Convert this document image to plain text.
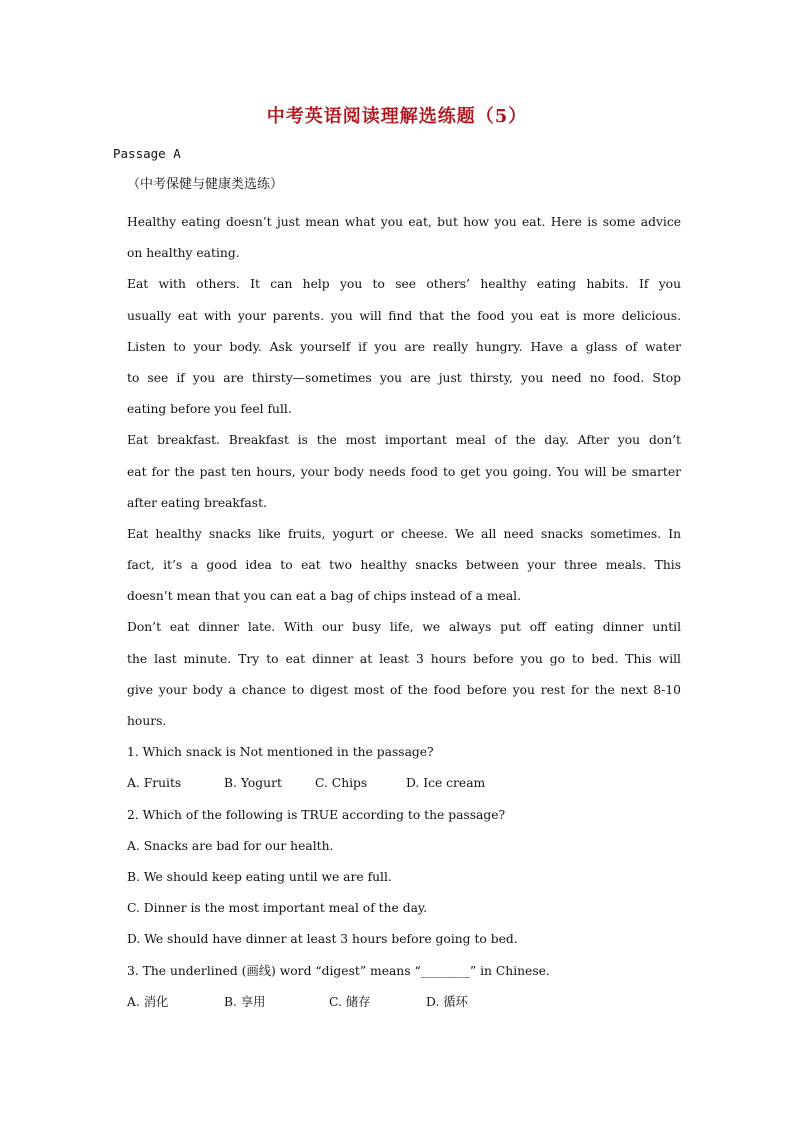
中考英语阅读理解选练题（5）
Passage A
（中考保健与健康类选练）
Healthy eating doesn’t just mean what you eat, but how you eat. Here is some advice
on healthy eating.
Eat with others. It can help you to see others’ healthy eating habits. If you
usually eat with your parents. you will find that the food you eat is more delicious.
Listen to your body. Ask yourself if you are really hungry. Have a glass of water
to see if you are thirsty—sometimes you are just thirsty, you need no food. Stop
eating before you feel full.
Eat breakfast. Breakfast is the most important meal of the day. After you don’t
eat for the past ten hours, your body needs food to get you going. You will be smarter
after eating breakfast.
Eat healthy snacks like fruits, yogurt or cheese. We all need snacks sometimes. In
fact, it’s a good idea to eat two healthy snacks between your three meals. This
doesn’t mean that you can eat a bag of chips instead of a meal.
Don’t eat dinner late. With our busy life, we always put off eating dinner until
the last minute. Try to eat dinner at least 3 hours before you go to bed. This will
give your body a chance to digest most of the food before you rest for the next 8-10
hours.
1. Which snack is Not mentioned in the passage?
A. Fruits	B. Yogurt	C. Chips	D. Ice cream
2. Which of the following is TRUE according to the passage?
A. Snacks are bad for our health.
B. We should keep eating until we are full.
C. Dinner is the most important meal of the day.
D. We should have dinner at least 3 hours before going to bed.
3. The underlined (画线) word “digest” means “________” in Chinese.
A. 消化	B. 享用	C. 储存	D. 循环
